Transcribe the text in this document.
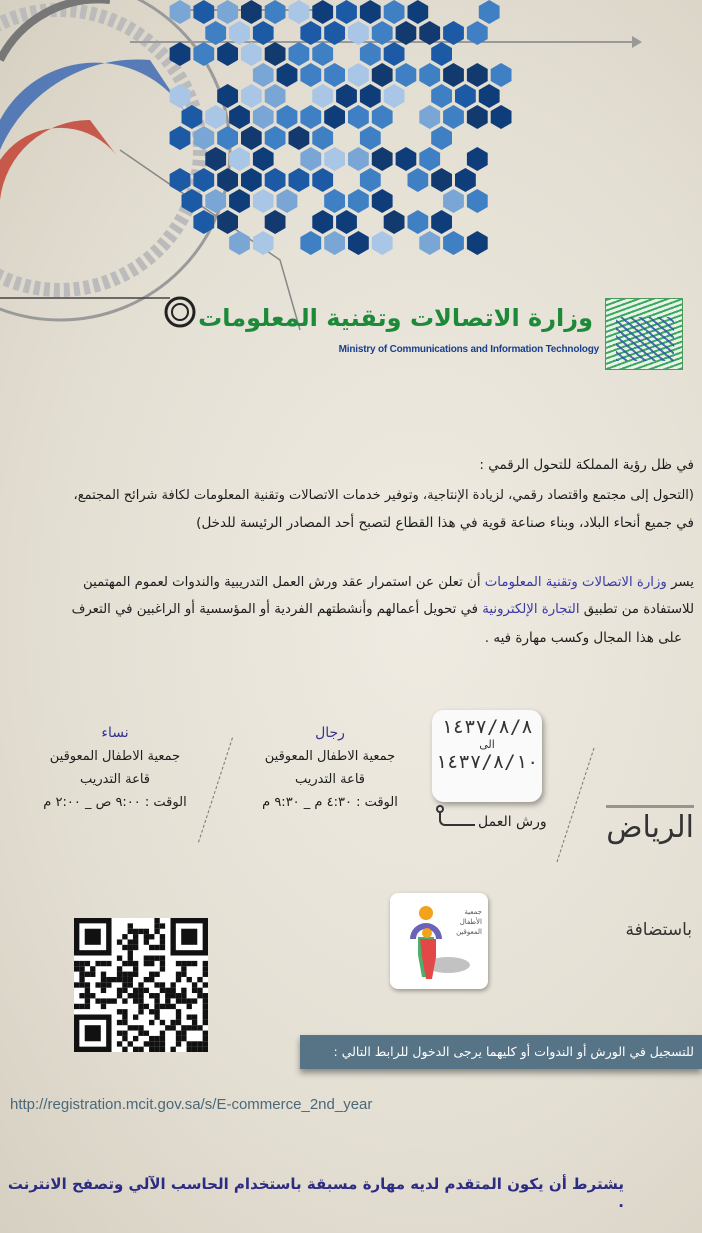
وزارة الاتصالات وتقنية المعلومات
Ministry of Communications and Information Technology
في ظل رؤية المملكة للتحول الرقمي :
(التحول إلى مجتمع واقتصاد رقمي، لزيادة الإنتاجية، وتوفير خدمات الاتصالات وتقنية المعلومات لكافة شرائح المجتمع،
في جميع أنحاء البلاد، وبناء صناعة قوية في هذا القطاع لتصبح أحد المصادر الرئيسة للدخل)
يسر وزارة الاتصالات وتقنية المعلومات أن تعلن عن استمرار عقد ورش العمل التدريبية والندوات لعموم المهتمين
للاستفادة من تطبيق التجارة الإلكترونية في تحويل أعمالهم وأنشطتهم الفردية أو المؤسسية أو الراغبين في التعرف
على هذا المجال وكسب مهارة فيه .
الرياض
١٤٣٧/٨/٨
الى
١٤٣٧/٨/١٠
ورش العمل
رجال
جمعية الاطفال المعوقين
قاعة التدريب
الوقت : ٤:٣٠ م _ ٩:٣٠ م
نساء
جمعية الاطفال المعوقين
قاعة التدريب
الوقت : ٩:٠٠ ص _ ٢:٠٠ م
باستضافة
جمعية الأطفال المعوقين
للتسجيل في الورش أو الندوات أو كليهما يرجى الدخول للرابط التالي :
http://registration.mcit.gov.sa/s/E-commerce_2nd_year
يشترط أن يكون المتقدم لديه مهارة مسبقة باستخدام الحاسب الآلي وتصفح الانترنت .
